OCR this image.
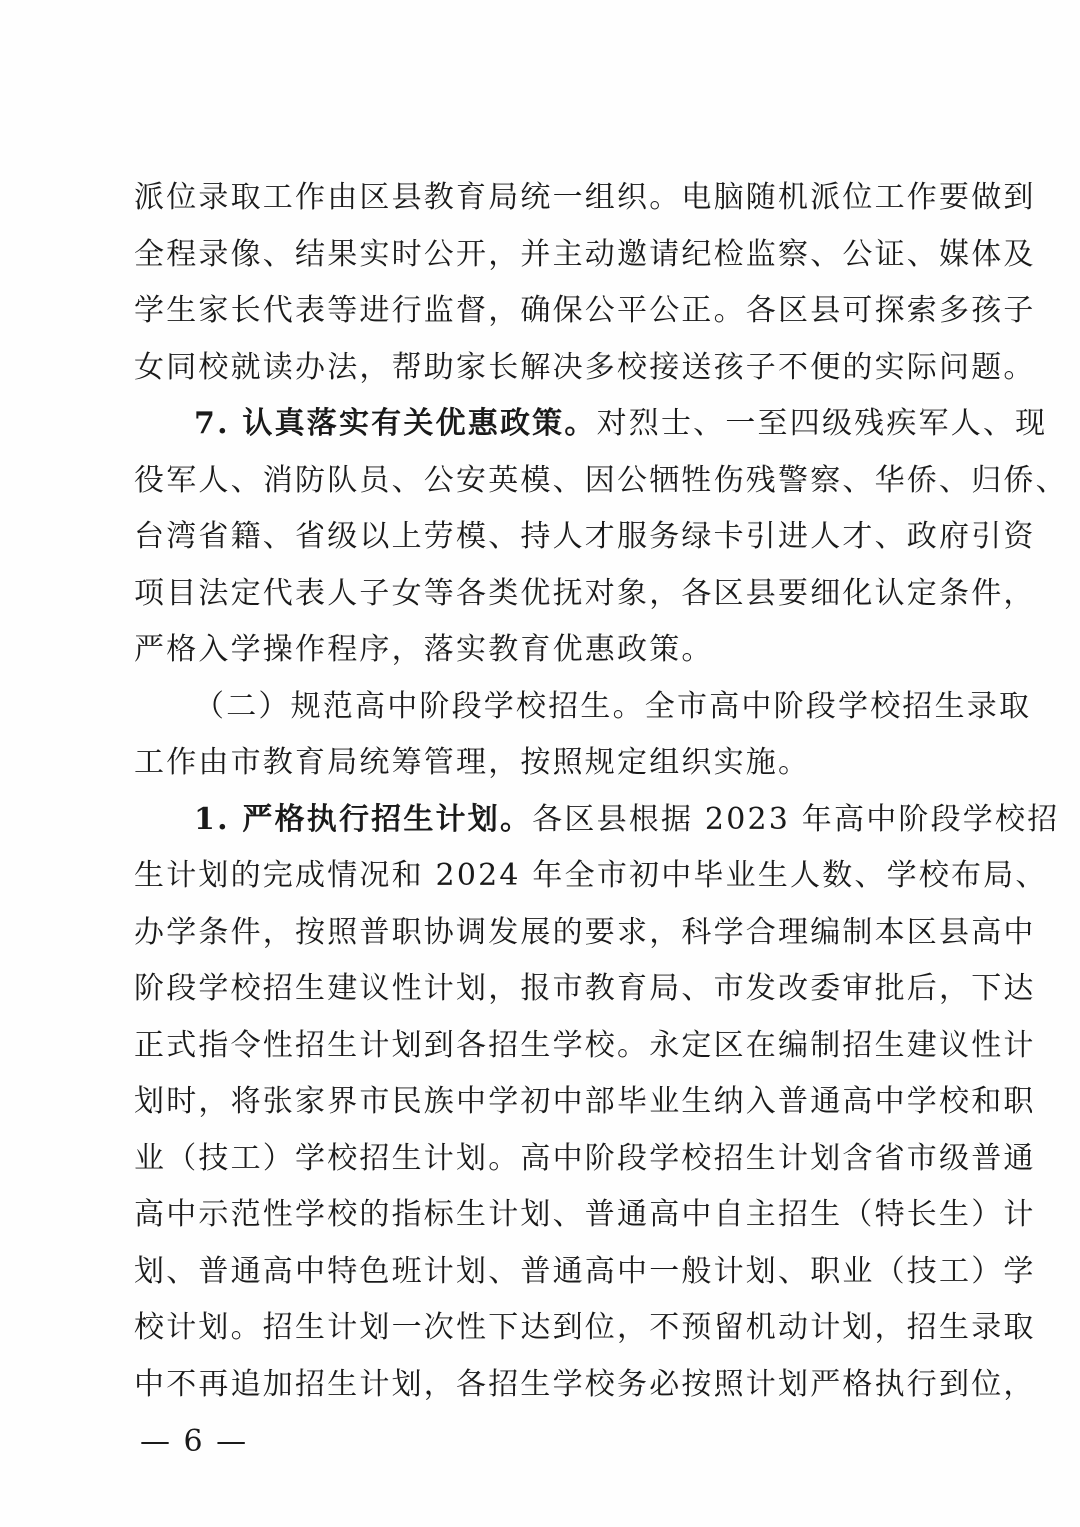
派位录取工作由区县教育局统一组织。电脑随机派位工作要做到
全程录像、结果实时公开，并主动邀请纪检监察、公证、媒体及
学生家长代表等进行监督，确保公平公正。各区县可探索多孩子
女同校就读办法，帮助家长解决多校接送孩子不便的实际问题。
7. 认真落实有关优惠政策。对烈士、一至四级残疾军人、现
役军人、消防队员、公安英模、因公牺牲伤残警察、华侨、归侨、
台湾省籍、省级以上劳模、持人才服务绿卡引进人才、政府引资
项目法定代表人子女等各类优抚对象，各区县要细化认定条件，
严格入学操作程序，落实教育优惠政策。
（二）规范高中阶段学校招生。全市高中阶段学校招生录取
工作由市教育局统筹管理，按照规定组织实施。
1. 严格执行招生计划。各区县根据 2023 年高中阶段学校招
生计划的完成情况和 2024 年全市初中毕业生人数、学校布局、
办学条件，按照普职协调发展的要求，科学合理编制本区县高中
阶段学校招生建议性计划，报市教育局、市发改委审批后，下达
正式指令性招生计划到各招生学校。永定区在编制招生建议性计
划时，将张家界市民族中学初中部毕业生纳入普通高中学校和职
业（技工）学校招生计划。高中阶段学校招生计划含省市级普通
高中示范性学校的指标生计划、普通高中自主招生（特长生）计
划、普通高中特色班计划、普通高中一般计划、职业（技工）学
校计划。招生计划一次性下达到位，不预留机动计划，招生录取
中不再追加招生计划，各招生学校务必按照计划严格执行到位，
— 6 —
